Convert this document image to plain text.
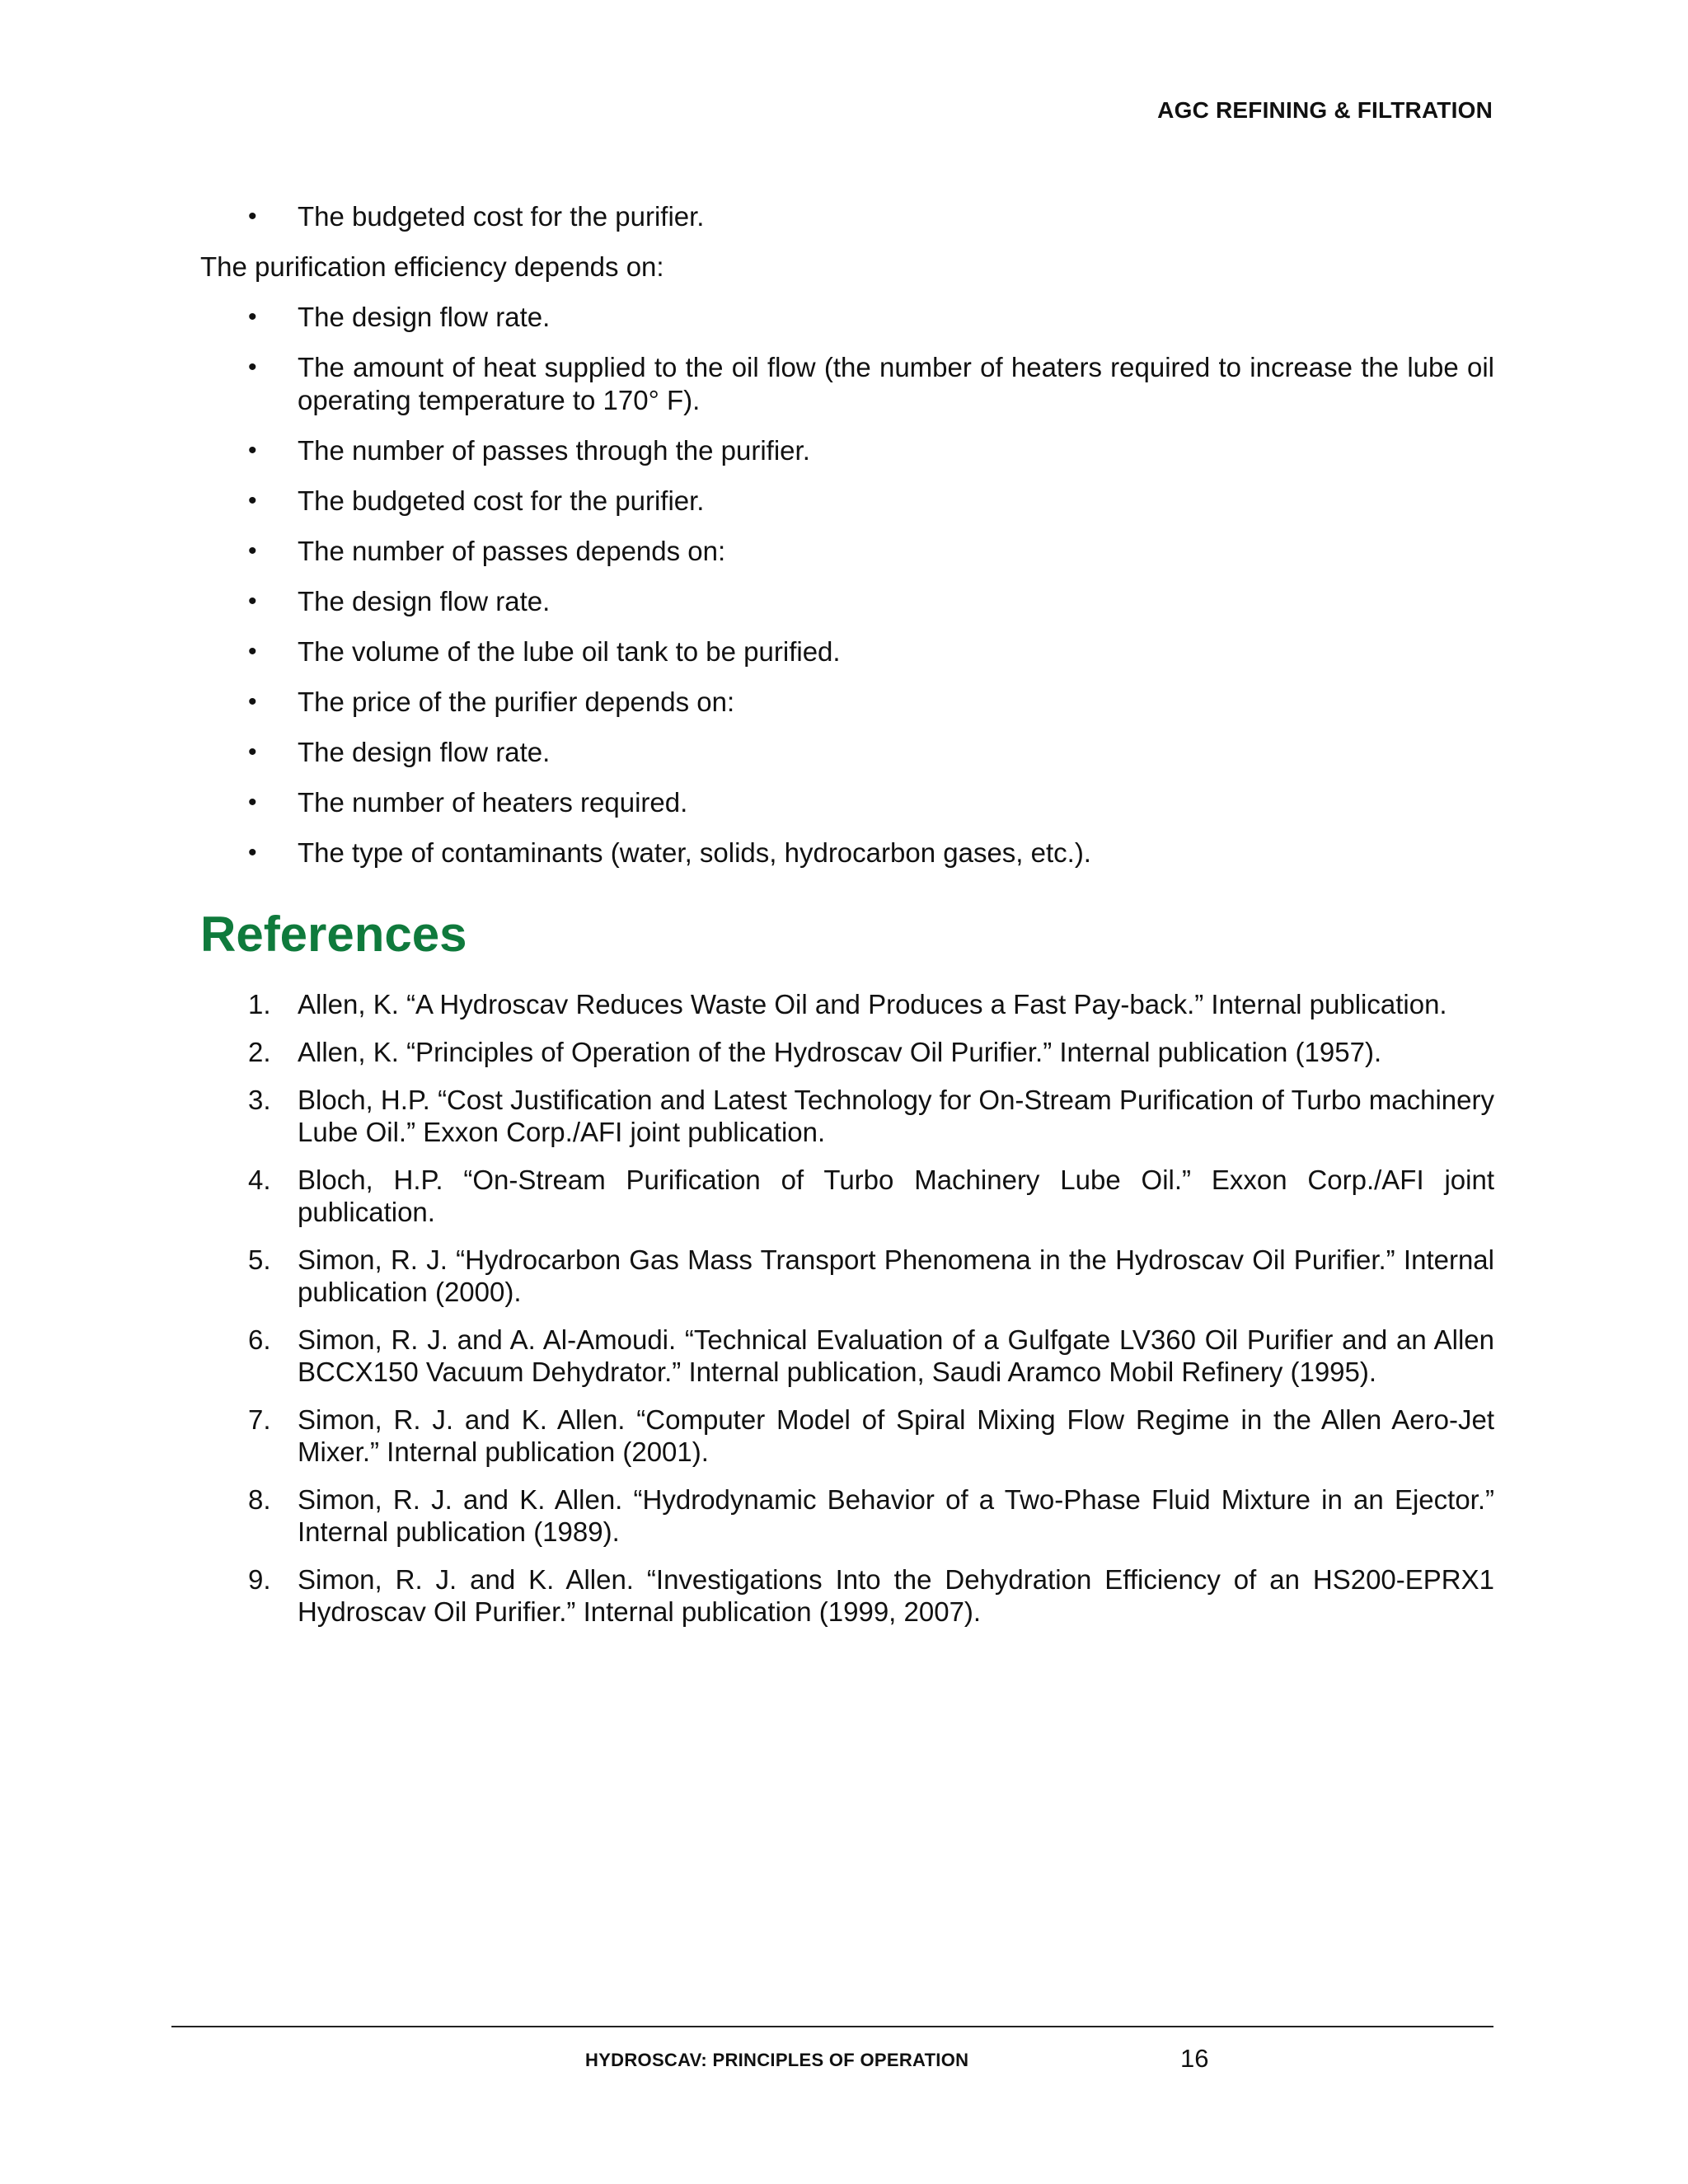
AGC REFINING & FILTRATION
• The budgeted cost for the purifier.

The purification efficiency depends on:

• The design flow rate.
• The amount of heat supplied to the oil flow (the number of heaters required to increase the lube oil operating temperature to 170° F).
• The number of passes through the purifier.
• The budgeted cost for the purifier.
• The number of passes depends on:
• The design flow rate.
• The volume of the lube oil tank to be purified.
• The price of the purifier depends on:
• The design flow rate.
• The number of heaters required.
• The type of contaminants (water, solids, hydrocarbon gases, etc.).
References
1. Allen, K. “A Hydroscav Reduces Waste Oil and Produces a Fast Pay-back.” Internal publication.
2. Allen, K. “Principles of Operation of the Hydroscav Oil Purifier.” Internal publication (1957).
3. Bloch, H.P. “Cost Justification and Latest Technology for On-Stream Purification of Turbo machinery Lube Oil.” Exxon Corp./AFI joint publication.
4. Bloch, H.P. “On-Stream Purification of Turbo Machinery Lube Oil.” Exxon Corp./AFI joint publication.
5. Simon, R. J. “Hydrocarbon Gas Mass Transport Phenomena in the Hydroscav Oil Purifier.” Internal publication (2000).
6. Simon, R. J. and A. Al-Amoudi. “Technical Evaluation of a Gulfgate LV360 Oil Purifier and an Allen BCCX150 Vacuum Dehydrator.” Internal publication, Saudi Aramco Mobil Refinery (1995).
7. Simon, R. J. and K. Allen. “Computer Model of Spiral Mixing Flow Regime in the Allen Aero-Jet Mixer.” Internal publication (2001).
8. Simon, R. J. and K. Allen. “Hydrodynamic Behavior of a Two-Phase Fluid Mixture in an Ejector.” Internal publication (1989).
9. Simon, R. J. and K. Allen. “Investigations Into the Dehydration Efficiency of an HS200-EPRX1 Hydroscav Oil Purifier.” Internal publication (1999, 2007).
HYDROSCAV: PRINCIPLES OF OPERATION	16
